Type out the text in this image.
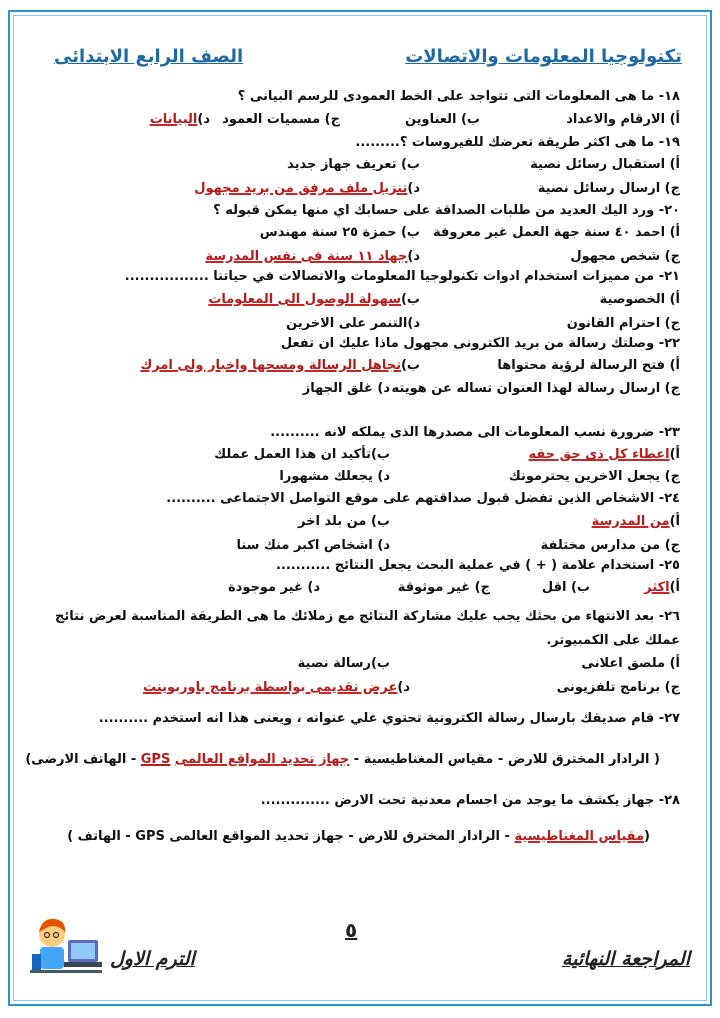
تكنولوجيا المعلومات والاتصالات
الصف الرابع الابتدائى
١٨- ما هى المعلومات التى تتواجد على الخط العمودى للرسم البيانى ؟
أ) الارقام والاعداد
ب) العناوين
ج) مسميات العمود
د)البيانات
١٩- ما هى اكثر طريقة تعرضك للفيروسات ؟.........
أ) استقبال رسائل نصية
ب) تعريف جهاز جديد
ج) ارسال رسائل نصية
د)تنزيل ملف مرفق من بريد مجهول
٢٠- ورد اليك العديد من طلبات الصداقة على حسابك اي منها يمكن قبوله ؟
أ) احمد ٤٠ سنة جهة العمل غير معروفة
ب) حمزة ٢٥ سنة مهندس
ج) شخص مجهول
د)جهاد ١١ سنة فى نفس المدرسة
٢١- من مميزات استخدام ادوات تكنولوجيا المعلومات والاتصالات في حياتنا .................
أ) الخصوصية
ب)سهولة الوصول الى المعلومات
ج) احترام القانون
د)التنمر على الاخرين
٢٢- وصلتك رسالة من بريد الكترونى مجهول ماذا عليك ان تفعل
أ) فتح الرسالة لرؤية محتواها
ب)تجاهل الرسالة ومسحها واخبار ولى امرك
ج) ارسال رسالة لهذا العنوان تساله عن هويته
د) غلق الجهاز
٢٣- ضرورة نسب المعلومات الى مصدرها الذى يملكه لانه ..........
أ)اعطاء كل ذى حق حقه
ب)تأكيد ان هذا العمل عملك
ج) يجعل الاخرين يحترمونك
د) يجعلك مشهورا
٢٤- الاشخاص الذين تفضل قبول صداقتهم على موقع التواصل الاجتماعى ..........
أ)من المدرسة
ب) من بلد اخر
ج) من مدارس مختلفة
د) اشخاص اكبر منك سنا
٢٥- استخدام علامة ( + ) في عملية البحث يجعل النتائج ...........
أ)اكثر
ب) اقل
ج) غير موثوقة
د) غير موجودة
٢٦- بعد الانتهاء من بحثك يجب عليك مشاركة النتائج مع زملائك ما هى الطريقة المناسبة لعرض نتائج عملك على الكمبيوتر.
أ) ملصق اعلانى
ب)رسالة نصية
ج) برنامج تلفزيونى
د)عرض تقديمى بواسطة برنامج باوربوينت
٢٧- قام صديقك بارسال رسالة الكترونية تحتوي علي عنوانه ، ويعنى هذا انه استخدم ..........
( الرادار المخترق للارض - مقياس المغناطيسية - جهاز تحديد المواقع العالمى GPS - الهاتف الارضى)
٢٨- جهاز يكشف ما يوجد من اجسام معدنية تحت الارض ..............
(مقياس المغناطيسية - الرادار المخترق للارض - جهاز تحديد المواقع العالمى GPS - الهاتف )
٥
المراجعة النهائية
الترم الاول
